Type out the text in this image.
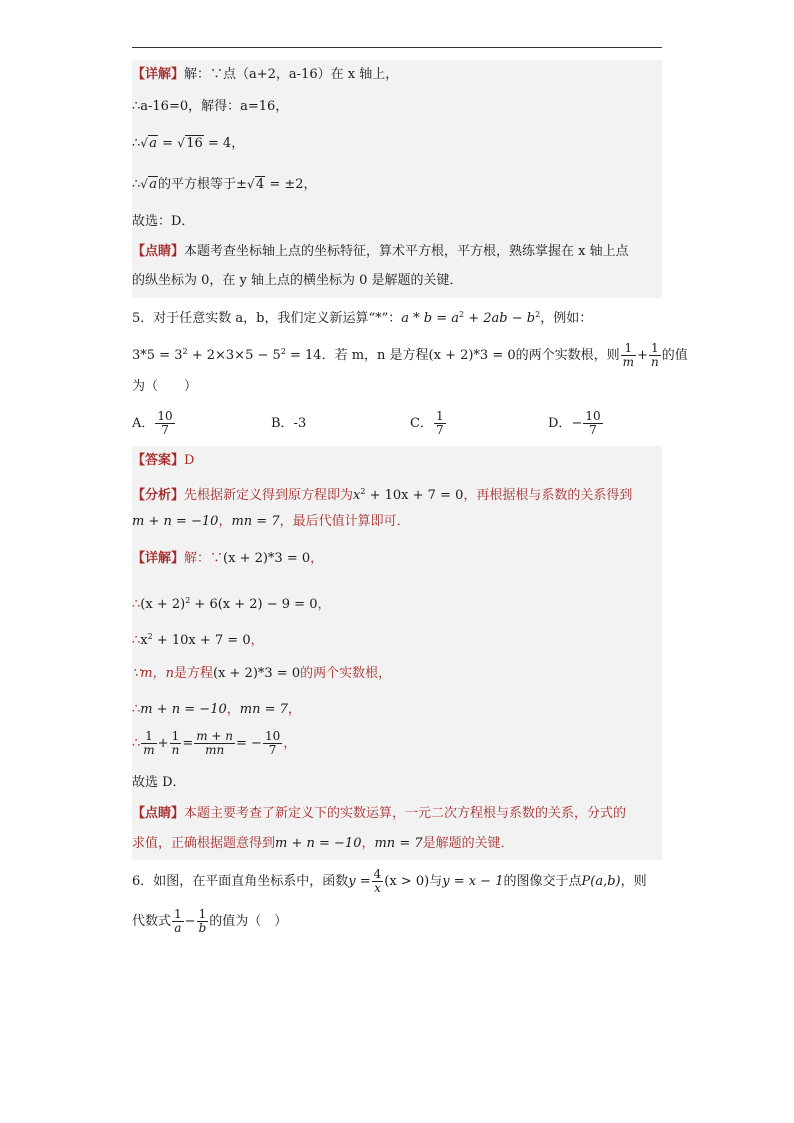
【详解】解：∵点（a+2，a-16）在 x 轴上，
∴a-16=0，解得：a=16，
∴ √ a = √ 16 = 4，
∴ √ a的平方根等于± √ 4 = ±2，
故选：D．
【点睛】本题考查坐标轴上点的坐标特征，算术平方根，平方根，熟练掌握在 x 轴上点
的纵坐标为 0，在 y 轴上点的横坐标为 0 是解题的关键．
5．对于任意实数 a，b，我们定义新运算“*”：$a * b = a^2 + 2ab - b^2$，例如：
$3*5 = 3^2 + 2\times 3\times 5 - 5^2 = 14$．若 m，n 是方程(x + 2)*3 = 0的两个实数根，则 $\frac{1}{m} + \frac{1}{n}$ 的值
为（　　）
A． $\frac{10}{7}$	B．-3	C． $\frac{1}{7}$	D．− $\frac{10}{7}$
【答案】D
【分析】先根据新定义得到原方程即为$x^2 + 10x + 7 = 0$，再根据根与系数的关系得到
m + n = −10，mn = 7，最后代值计算即可．
【详解】解：∵(x + 2)*3 = 0，
∴(x + 2)$^2$ + 6(x + 2) − 9 = 0，
$\therefore x^2 + 10x + 7 = 0$，
∵m，n是方程(x + 2)*3 = 0的两个实数根，
∴m + n = −10，mn = 7，
∴ $\frac{1}{m} + \frac{1}{n} = \frac{m + n}{mn}$ = − $\frac{10}{7}$ ，
故选 D．
【点睛】本题主要考查了新定义下的实数运算，一元二次方程根与系数的关系，分式的
求值，正确根据题意得到m + n = −10，mn = 7是解题的关键．
6．如图，在平面直角坐标系中，函数$y = \frac{4}{x} (x > 0)$与y = x − 1的图像交于点P(a,b)，则
代数式 $\frac{1}{a} - \frac{1}{b}$ 的值为（　）
